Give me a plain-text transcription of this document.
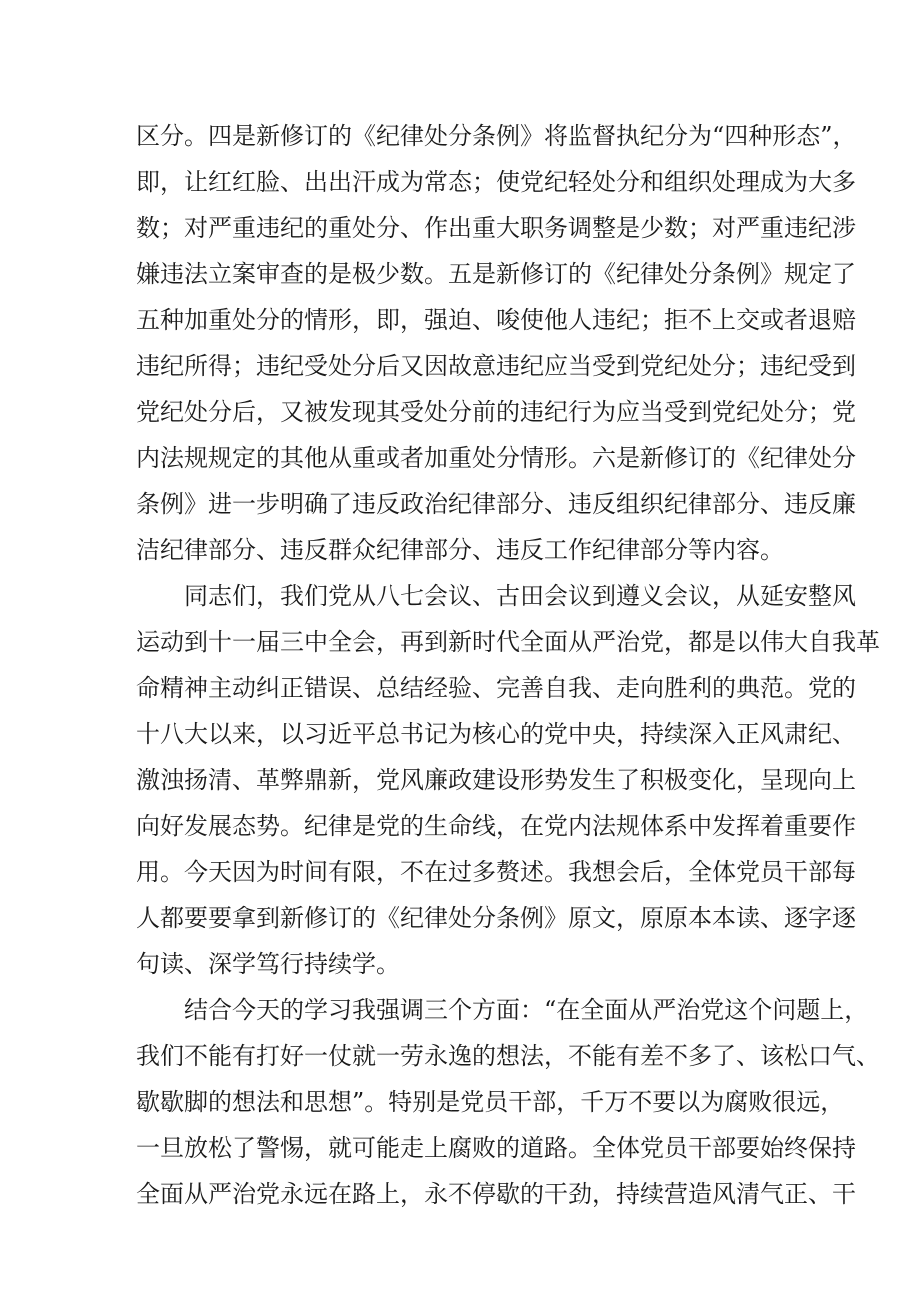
区分。四是新修订的《纪律处分条例》将监督执纪分为“四种形态”，
即，让红红脸、出出汗成为常态；使党纪轻处分和组织处理成为大多
数；对严重违纪的重处分、作出重大职务调整是少数；对严重违纪涉
嫌违法立案审查的是极少数。五是新修订的《纪律处分条例》规定了
五种加重处分的情形，即，强迫、唆使他人违纪；拒不上交或者退赔
违纪所得；违纪受处分后又因故意违纪应当受到党纪处分；违纪受到
党纪处分后，又被发现其受处分前的违纪行为应当受到党纪处分；党
内法规规定的其他从重或者加重处分情形。六是新修订的《纪律处分
条例》进一步明确了违反政治纪律部分、违反组织纪律部分、违反廉
洁纪律部分、违反群众纪律部分、违反工作纪律部分等内容。
同志们，我们党从八七会议、古田会议到遵义会议，从延安整风
运动到十一届三中全会，再到新时代全面从严治党，都是以伟大自我革
命精神主动纠正错误、总结经验、完善自我、走向胜利的典范。党的
十八大以来，以习近平总书记为核心的党中央，持续深入正风肃纪、
激浊扬清、革弊鼎新，党风廉政建设形势发生了积极变化，呈现向上
向好发展态势。纪律是党的生命线，在党内法规体系中发挥着重要作
用。今天因为时间有限，不在过多赘述。我想会后，全体党员干部每
人都要要拿到新修订的《纪律处分条例》原文，原原本本读、逐字逐
句读、深学笃行持续学。
结合今天的学习我强调三个方面：“在全面从严治党这个问题上，
我们不能有打好一仗就一劳永逸的想法，不能有差不多了、该松口气、
歇歇脚的想法和思想”。特别是党员干部，千万不要以为腐败很远，
一旦放松了警惕，就可能走上腐败的道路。全体党员干部要始终保持
全面从严治党永远在路上，永不停歇的干劲，持续营造风清气正、干
